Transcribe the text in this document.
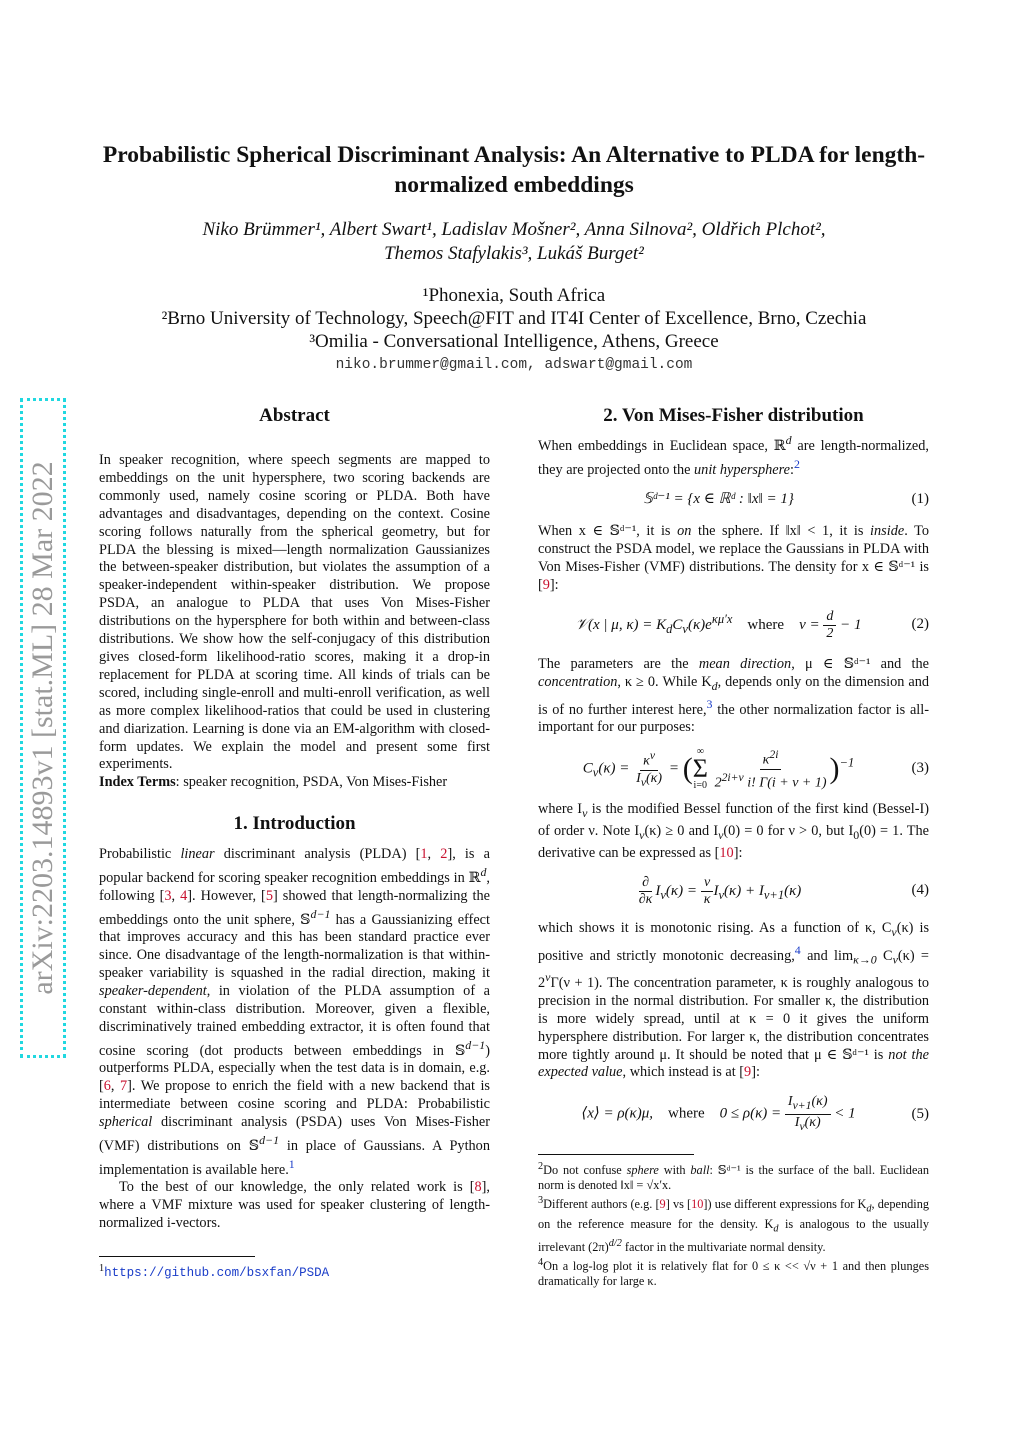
arXiv:2203.14893v1 [stat.ML] 28 Mar 2022
Probabilistic Spherical Discriminant Analysis: An Alternative to PLDA for length-normalized embeddings
Niko Brümmer¹, Albert Swart¹, Ladislav Mošner², Anna Silnova², Oldřich Plchot²,
Themos Stafylakis³, Lukáš Burget²
¹Phonexia, South Africa
²Brno University of Technology, Speech@FIT and IT4I Center of Excellence, Brno, Czechia
³Omilia - Conversational Intelligence, Athens, Greece
niko.brummer@gmail.com, adswart@gmail.com
Abstract

In speaker recognition, where speech segments are mapped to embeddings on the unit hypersphere, two scoring backends are commonly used, namely cosine scoring or PLDA. Both have advantages and disadvantages, depending on the context. Cosine scoring follows naturally from the spherical geometry, but for PLDA the blessing is mixed—length normalization Gaussianizes the between-speaker distribution, but violates the assumption of a speaker-independent within-speaker distribution. We propose PSDA, an analogue to PLDA that uses Von Mises-Fisher distributions on the hypersphere for both within and between-class distributions. We show how the self-conjugacy of this distribution gives closed-form likelihood-ratio scores, making it a drop-in replacement for PLDA at scoring time. All kinds of trials can be scored, including single-enroll and multi-enroll verification, as well as more complex likelihood-ratios that could be used in clustering and diarization. Learning is done via an EM-algorithm with closed-form updates. We explain the model and present some first experiments.

Index Terms: speaker recognition, PSDA, Von Mises-Fisher

1. Introduction

Probabilistic linear discriminant analysis (PLDA) [1, 2], is a popular backend for scoring speaker recognition embeddings in ℝ$^d$, following [3, 4]. However, [5] showed that length-normalizing the embeddings onto the unit sphere, 𝕊$^{d-1}$ has a Gaussianizing effect that improves accuracy and this has been standard practice ever since. One disadvantage of the length-normalization is that within-speaker variability is squashed in the radial direction, making it speaker-dependent, in violation of the PLDA assumption of a constant within-class distribution. Moreover, given a flexible, discriminatively trained embedding extractor, it is often found that cosine scoring (dot products between embeddings in 𝕊$^{d-1}$) outperforms PLDA, especially when the test data is in domain, e.g. [6, 7]. We propose to enrich the field with a new backend that is intermediate between cosine scoring and PLDA: Probabilistic spherical discriminant analysis (PSDA) uses Von Mises-Fisher (VMF) distributions on 𝕊$^{d-1}$ in place of Gaussians. A Python implementation is available here.$^1$

To the best of our knowledge, the only related work is [8], where a VMF mixture was used for speaker clustering of length-normalized i-vectors.

$^1$https://github.com/bsxfan/PSDA
2. Von Mises-Fisher distribution

When embeddings in Euclidean space, ℝ$^d$ are length-normalized, they are projected onto the unit hypersphere:$^2$

𝕊ᵈ⁻¹ = {x ∈ ℝᵈ : ‖x‖ = 1}	(1)

When x ∈ 𝕊ᵈ⁻¹, it is on the sphere. If ‖x‖ < 1, it is inside. To construct the PSDA model, we replace the Gaussians in PLDA with Von Mises-Fisher (VMF) distributions. The density for x ∈ 𝕊ᵈ⁻¹ is [9]:

𝒱(x | μ, $\kappa) = K_dC_\nu(\kappa)e^{\kappa\mu'x}$ where $\nu = \frac{d}{2} - 1$	(2)

The parameters are the mean direction, μ ∈ 𝕊ᵈ⁻¹ and the concentration, κ ≥ 0. While $K_d$, depends only on the dimension and is of no further interest here,$^3$ the other normalization factor is all-important for our purposes:

$C_\nu(\kappa) = \frac{\kappa^\nu}{I_\nu(\kappa)}$ = (
∞
Σ
i=0
$\frac{\kappa^{2i}}{2^{2i+\nu} i! \Gamma(i + \nu + 1)} )^{-1}$	(3)

where $I_\nu$ is the modified Bessel function of the first kind (Bessel-I) of order ν. Note $I_\nu(\kappa) \ge 0$ and $I_\nu(0) = 0$ for ν > 0, but $I_0(0) = 1$. The derivative can be expressed as [10]:

$\frac{\partial}{\partial\kappa} I_\nu(\kappa) = \frac{\nu}{\kappa} I_\nu(\kappa) + I_{\nu+1}(\kappa)$	(4)

which shows it is monotonic rising. As a function of κ, $C_\nu(\kappa)$ is positive and strictly monotonic decreasing,$^4$ and $\lim_{\kappa\to 0} C_\nu(\kappa) = 2^\nu\Gamma(\nu + 1)$. The concentration parameter, κ is roughly analogous to precision in the normal distribution. For smaller κ, the distribution is more widely spread, until at κ = 0 it gives the uniform hypersphere distribution. For larger κ, the distribution concentrates more tightly around μ. It should be noted that μ ∈ 𝕊ᵈ⁻¹ is not the expected value, which instead is at [9]:

⟨x⟩ = ρ(κ)μ, where $0 \le \rho(\kappa) = \frac{I_{\nu+1}(\kappa)}{I_\nu(\kappa)} < 1$	(5)
$^2$Do not confuse sphere with ball: 𝕊ᵈ⁻¹ is the surface of the ball. Euclidean norm is denoted ‖x‖ = √x′x.
$^3$Different authors (e.g. [9] vs [10]) use different expressions for $K_d$, depending on the reference measure for the density. $K_d$ is analogous to the usually irrelevant $(2\pi)^{d/2}$ factor in the multivariate normal density.
$^4$On a log-log plot it is relatively flat for 0 ≤ κ << √ν + 1 and then plunges dramatically for large κ.
